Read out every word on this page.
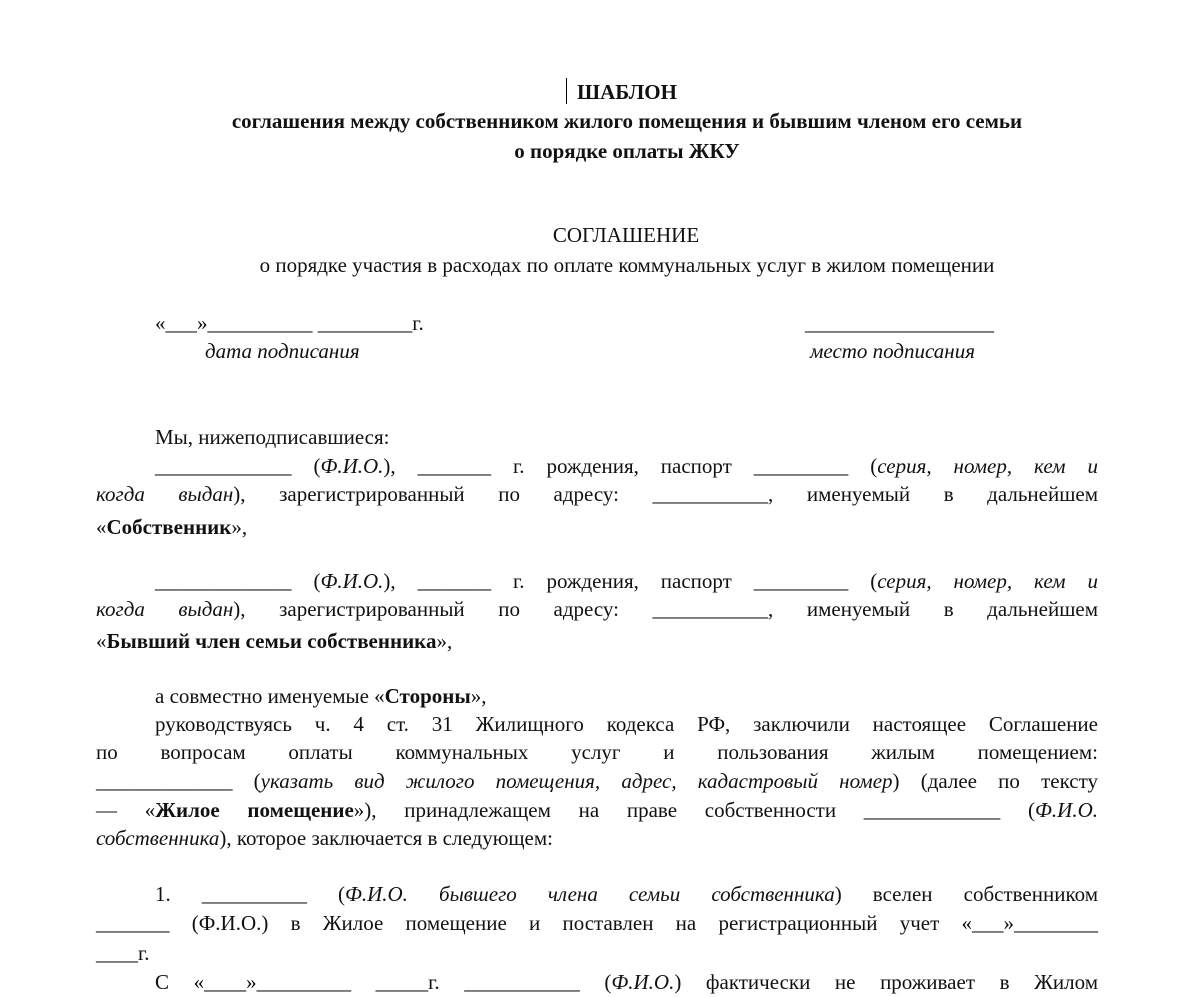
ШАБЛОН
соглашения между собственником жилого помещения и бывшим членом его семьи
о порядке оплаты ЖКУ
СОГЛАШЕНИЕ
о порядке участия в расходах по оплате коммунальных услуг в жилом помещении
«___»__________ _________г.	__________________
дата подписания	место подписания
Мы, нижеподписавшиеся:
_____________ (Ф.И.О.), _______ г. рождения, паспорт _________ (серия, номер, кем и
когда выдан), зарегистрированный по адресу: ___________, именуемый в дальнейшем
«Собственник»,
_____________ (Ф.И.О.), _______ г. рождения, паспорт _________ (серия, номер, кем и
когда выдан), зарегистрированный по адресу: ___________, именуемый в дальнейшем
«Бывший член семьи собственника»,
а совместно именуемые «Стороны»,
руководствуясь ч. 4 ст. 31 Жилищного кодекса РФ, заключили настоящее Соглашение
по вопросам оплаты коммунальных услуг и пользования жилым помещением:
_____________ (указать вид жилого помещения, адрес, кадастровый номер) (далее по тексту
— «Жилое помещение»), принадлежащем на праве собственности _____________ (Ф.И.О.
собственника), которое заключается в следующем:
1. __________ (Ф.И.О. бывшего члена семьи собственника) вселен собственником
_______ (Ф.И.О.) в Жилое помещение и поставлен на регистрационный учет «___»________
____г.
С «____»_________ _____г. ___________ (Ф.И.О.) фактически не проживает в Жилом
